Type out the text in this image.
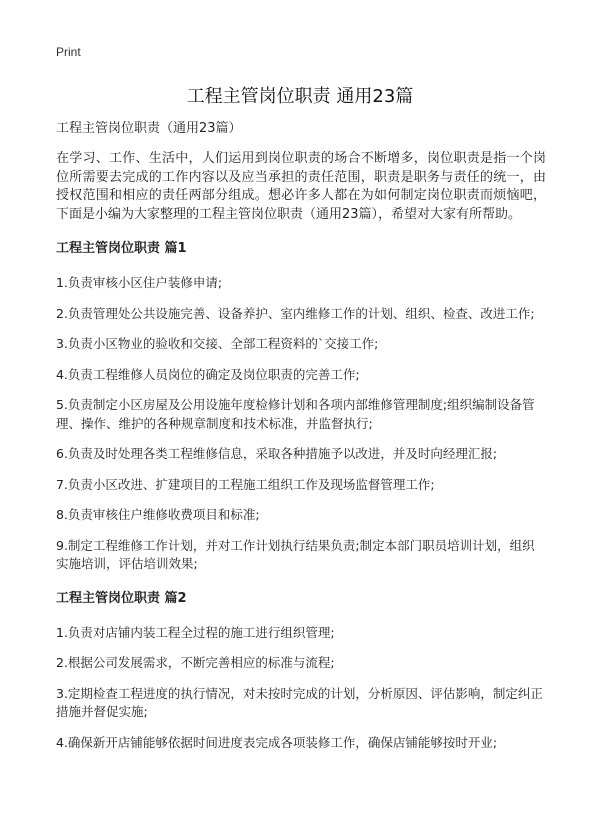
Print
工程主管岗位职责 通用23篇

工程主管岗位职责（通用23篇）

在学习、工作、生活中，人们运用到岗位职责的场合不断增多，岗位职责是指一个岗位所需要去完成的工作内容以及应当承担的责任范围，职责是职务与责任的统一，由授权范围和相应的责任两部分组成。想必许多人都在为如何制定岗位职责而烦恼吧，下面是小编为大家整理的工程主管岗位职责（通用23篇），希望对大家有所帮助。

工程主管岗位职责 篇1

1.负责审核小区住户装修申请;

2.负责管理处公共设施完善、设备养护、室内维修工作的计划、组织、检查、改进工作;

3.负责小区物业的验收和交接、全部工程资料的`交接工作;

4.负责工程维修人员岗位的确定及岗位职责的完善工作;

5.负责制定小区房屋及公用设施年度检修计划和各项内部维修管理制度;组织编制设备管理、操作、维护的各种规章制度和技术标准，并监督执行;

6.负责及时处理各类工程维修信息，采取各种措施予以改进，并及时向经理汇报;

7.负责小区改进、扩建项目的工程施工组织工作及现场监督管理工作;

8.负责审核住户维修收费项目和标准;

9.制定工程维修工作计划，并对工作计划执行结果负责;制定本部门职员培训计划，组织实施培训，评估培训效果;

工程主管岗位职责 篇2

1.负责对店铺内装工程全过程的施工进行组织管理;

2.根据公司发展需求，不断完善相应的标准与流程;

3.定期检查工程进度的执行情况，对未按时完成的计划，分析原因、评估影响，制定纠正措施并督促实施;

4.确保新开店铺能够依据时间进度表完成各项装修工作，确保店铺能够按时开业;
